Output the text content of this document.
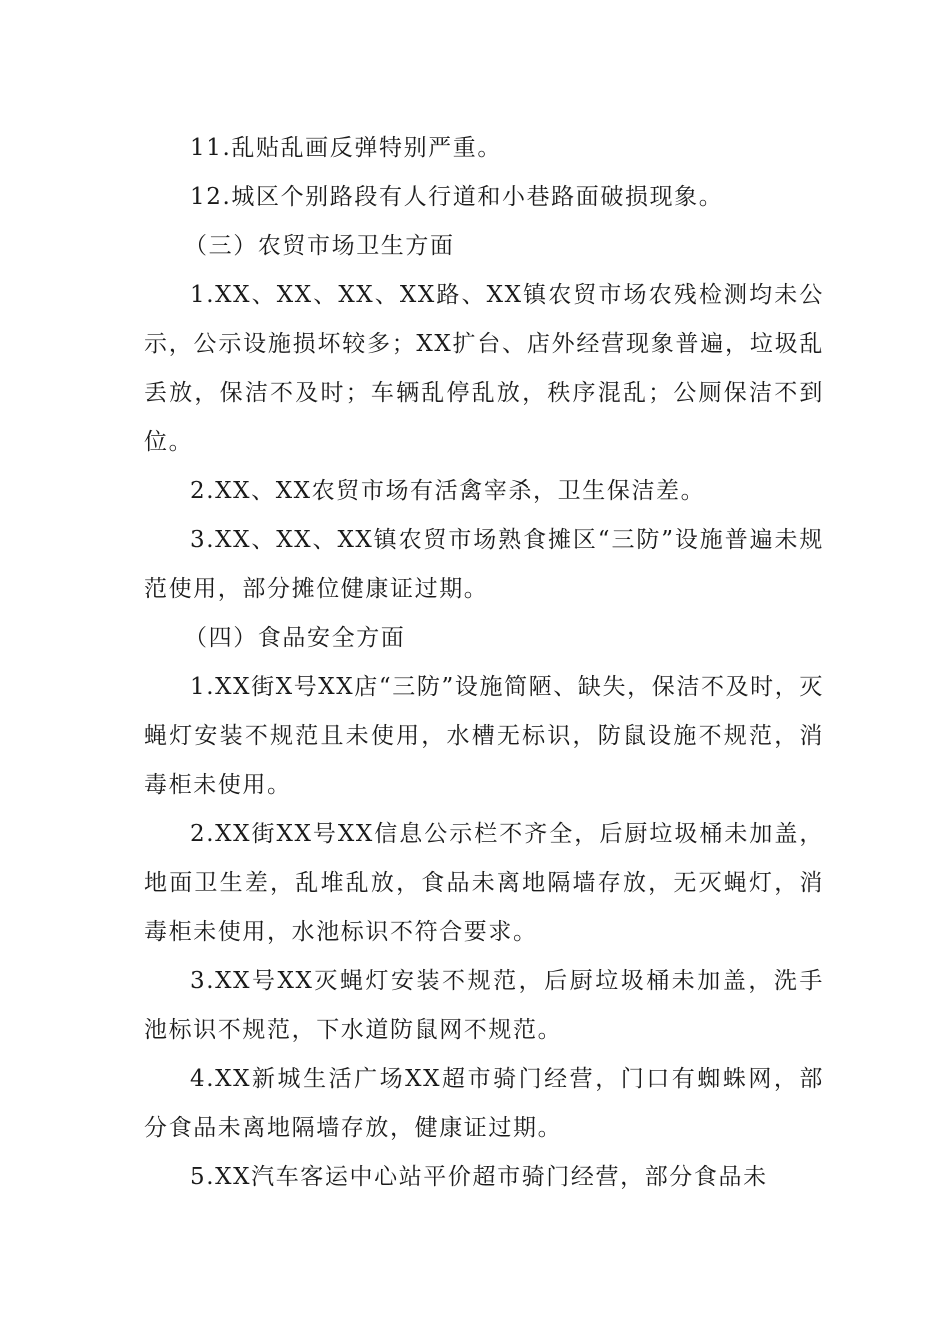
11.乱贴乱画反弹特别严重。

12.城区个别路段有人行道和小巷路面破损现象。

（三）农贸市场卫生方面

1.XX、XX、XX、XX路、XX镇农贸市场农残检测均未公示，公示设施损坏较多；XX扩台、店外经营现象普遍，垃圾乱丢放，保洁不及时；车辆乱停乱放，秩序混乱；公厕保洁不到位。

2.XX、XX农贸市场有活禽宰杀，卫生保洁差。

3.XX、XX、XX镇农贸市场熟食摊区“三防”设施普遍未规范使用，部分摊位健康证过期。

（四）食品安全方面

1.XX街X号XX店“三防”设施简陋、缺失，保洁不及时，灭蝇灯安装不规范且未使用，水槽无标识，防鼠设施不规范，消毒柜未使用。

2.XX街XX号XX信息公示栏不齐全，后厨垃圾桶未加盖，地面卫生差，乱堆乱放，食品未离地隔墙存放，无灭蝇灯，消毒柜未使用，水池标识不符合要求。

3.XX号XX灭蝇灯安装不规范，后厨垃圾桶未加盖，洗手池标识不规范，下水道防鼠网不规范。

4.XX新城生活广场XX超市骑门经营，门口有蜘蛛网，部分食品未离地隔墙存放，健康证过期。

5.XX汽车客运中心站平价超市骑门经营，部分食品未
